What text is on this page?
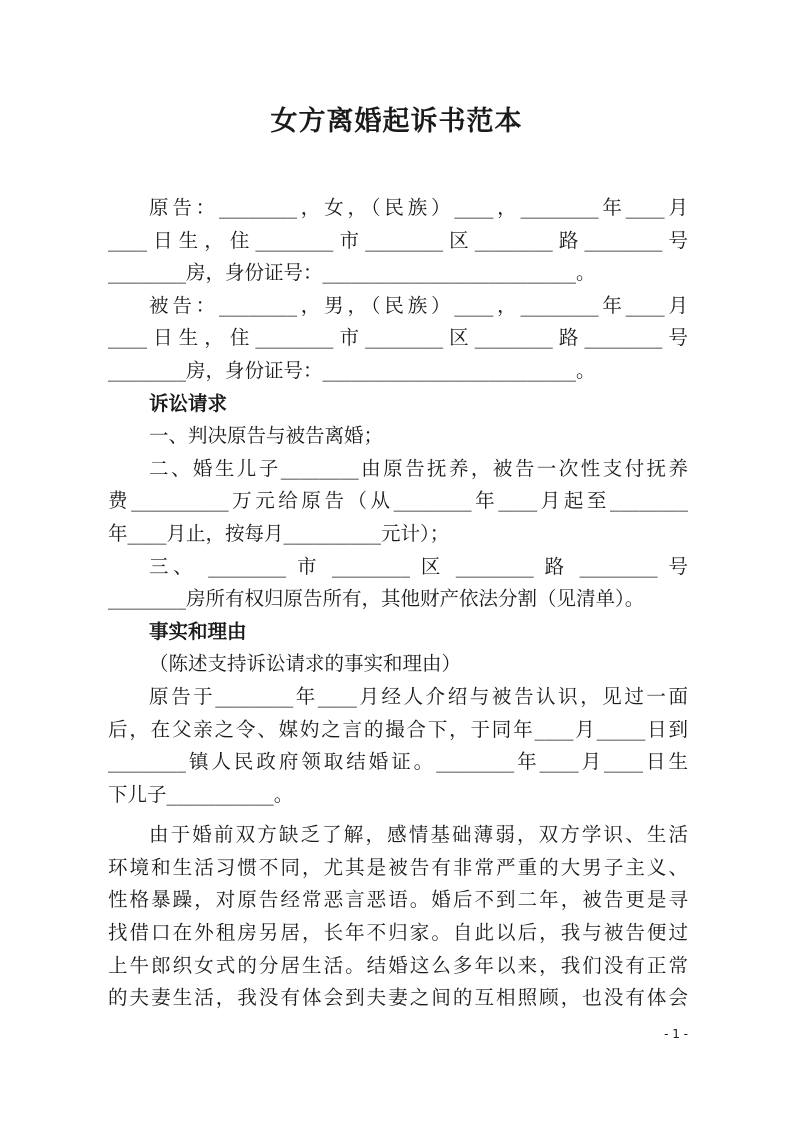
女方离婚起诉书范本
原告：________，女，（民族）____，________年____月
____日生，住________市________区________路________号
________房，身份证号：__________________________。
被告：________，男，（民族）____，________年____月
____日生，住________市________区________路________号
________房，身份证号：__________________________。
诉讼请求
一、判决原告与被告离婚；
二、婚生儿子________由原告抚养，被告一次性支付抚养
费__________万元给原告（从________年____月起至________
年____月止，按每月__________元计）；
三、 ________ 市 ________ 区 ________ 路 ________ 号
________房所有权归原告所有，其他财产依法分割（见清单）。
事实和理由
（陈述支持诉讼请求的事实和理由）
原告于________年____月经人介绍与被告认识，见过一面
后，在父亲之令、媒妁之言的撮合下，于同年____月_____日到
________镇人民政府领取结婚证。________年____月____日生
下儿子___________。
由于婚前双方缺乏了解，感情基础薄弱，双方学识、生活
环境和生活习惯不同，尤其是被告有非常严重的大男子主义、
性格暴躁，对原告经常恶言恶语。婚后不到二年，被告更是寻
找借口在外租房另居，长年不归家。自此以后，我与被告便过
上牛郎织女式的分居生活。结婚这么多年以来，我们没有正常
的夫妻生活，我没有体会到夫妻之间的互相照顾，也没有体会
- 1 -
